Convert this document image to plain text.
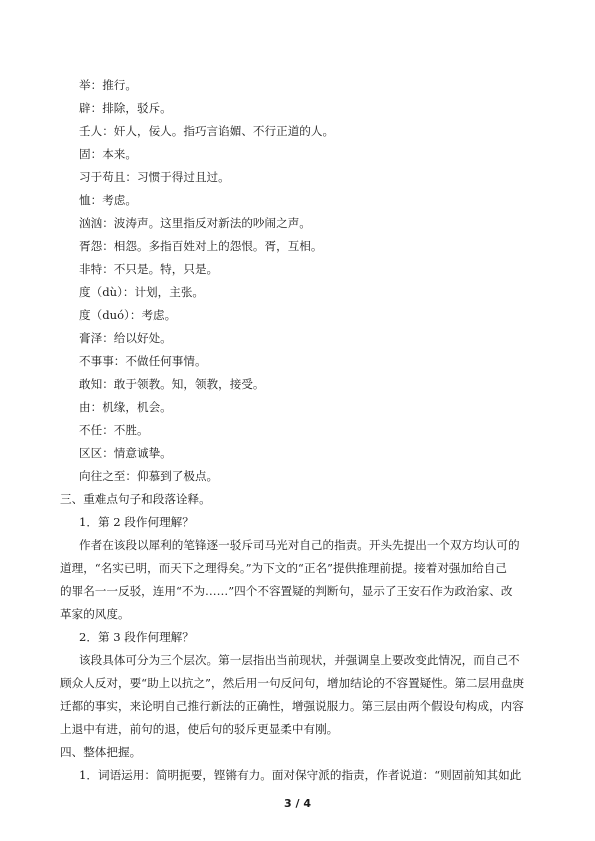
举：推行。
辟：排除，驳斥。
壬人：奸人，佞人。指巧言谄媚、不行正道的人。
固：本来。
习于苟且：习惯于得过且过。
恤：考虑。
汹汹：波涛声。这里指反对新法的吵闹之声。
胥怨：相怨。多指百姓对上的怨恨。胥，互相。
非特：不只是。特，只是。
度（dù）：计划，主张。
度（duó）：考虑。
膏泽：给以好处。
不事事：不做任何事情。
敢知：敢于领教。知，领教，接受。
由：机缘，机会。
不任：不胜。
区区：情意诚挚。
向往之至：仰慕到了极点。
三、重难点句子和段落诠释。
1．第 2 段作何理解？
作者在该段以犀利的笔锋逐一驳斥司马光对自己的指责。开头先提出一个双方均认可的
道理，“名实已明，而天下之理得矣。”为下文的“正名”提供推理前提。接着对强加给自己
的罪名一一反驳，连用“不为……”四个不容置疑的判断句，显示了王安石作为政治家、改
革家的风度。
2．第 3 段作何理解？
该段具体可分为三个层次。第一层指出当前现状，并强调皇上要改变此情况，而自己不
顾众人反对，要“助上以抗之”，然后用一句反问句，增加结论的不容置疑性。第二层用盘庚
迁都的事实，来论明自己推行新法的正确性，增强说服力。第三层由两个假设句构成，内容
上退中有进，前句的退，使后句的驳斥更显柔中有刚。
四、整体把握。
1．词语运用：简明扼要，铿锵有力。面对保守派的指责，作者说道：“则固前知其如此
3 / 4
